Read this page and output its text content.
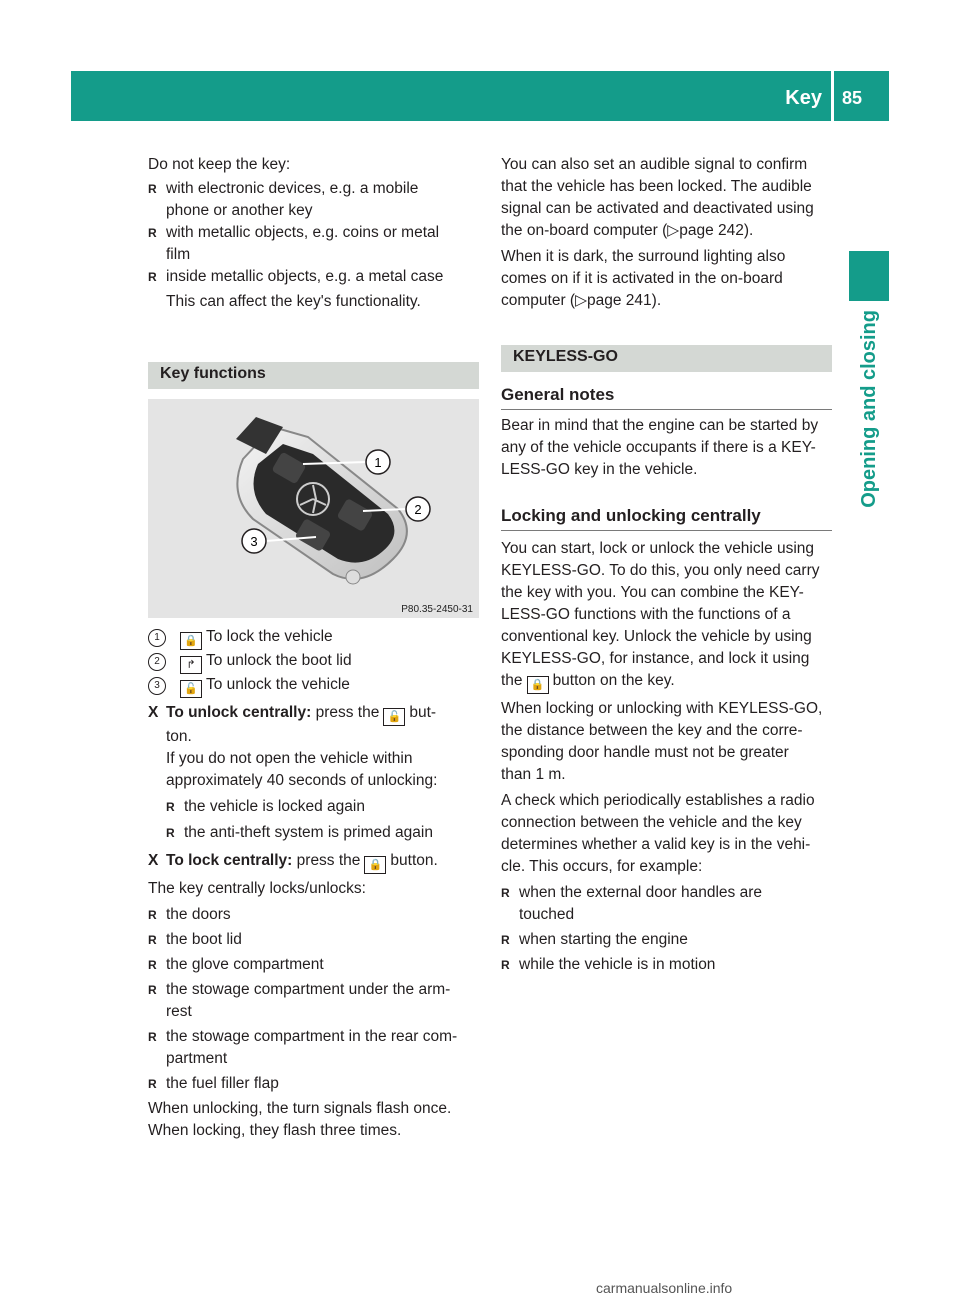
Key 85
Opening and closing
Do not keep the key:
R with electronic devices, e.g. a mobile
phone or another key
R with metallic objects, e.g. coins or metal
film
R inside metallic objects, e.g. a metal case
This can affect the key's functionality.
Key functions
1
2
3
P80.35-2450-31
1 🔒 To lock the vehicle
2 ↱ To unlock the boot lid
3 🔓 To unlock the vehicle
X To unlock centrally: press the 🔓 but-
ton.
If you do not open the vehicle within
approximately 40 seconds of unlocking:
R the vehicle is locked again
R the anti-theft system is primed again
X To lock centrally: press the 🔒 button.
The key centrally locks/unlocks:
R the doors
R the boot lid
R the glove compartment
R the stowage compartment under the arm-
rest
R the stowage compartment in the rear com-
partment
R the fuel filler flap
When unlocking, the turn signals flash once.
When locking, they flash three times.
You can also set an audible signal to confirm
that the vehicle has been locked. The audible
signal can be activated and deactivated using
the on-board computer (▷page 242).
When it is dark, the surround lighting also
comes on if it is activated in the on-board
computer (▷page 241).
KEYLESS-GO
General notes
Bear in mind that the engine can be started by
any of the vehicle occupants if there is a KEY-
LESS-GO key in the vehicle.
Locking and unlocking centrally
You can start, lock or unlock the vehicle using
KEYLESS-GO. To do this, you only need carry
the key with you. You can combine the KEY-
LESS-GO functions with the functions of a
conventional key. Unlock the vehicle by using
KEYLESS-GO, for instance, and lock it using
the 🔒 button on the key.
When locking or unlocking with KEYLESS-GO,
the distance between the key and the corre-
sponding door handle must not be greater
than 1 m.
A check which periodically establishes a radio
connection between the vehicle and the key
determines whether a valid key is in the vehi-
cle. This occurs, for example:
R when the external door handles are
touched
R when starting the engine
R while the vehicle is in motion
carmanualsonline.info
